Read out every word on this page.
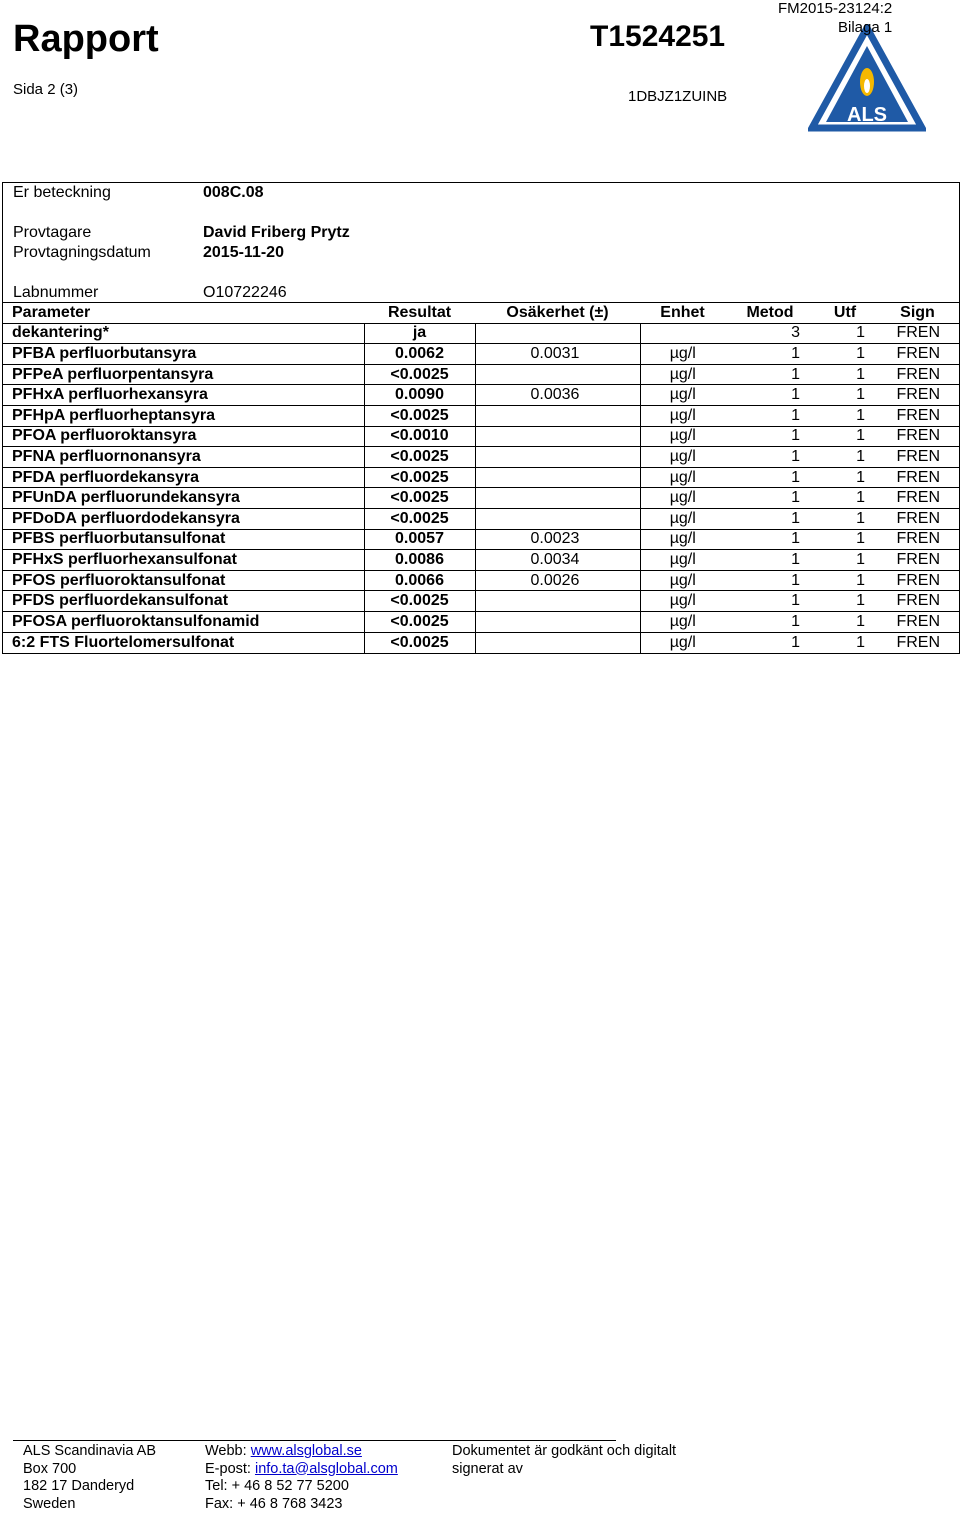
Rapport
Sida 2 (3)
T1524251
1DBJZ1ZUINB
FM2015-23124:2
ALS
Bilaga 1
Er beteckning	008C.08
Provtagare	David Friberg Prytz
Provtagningsdatum	2015-11-20
Labnummer	O10722246
Parameter	Resultat	Osäkerhet (±)	Enhet	Metod	Utf	Sign
dekantering*	ja			3	1	FREN
PFBA perfluorbutansyra	0.0062	0.0031	µg/l	1	1	FREN
PFPeA perfluorpentansyra	<0.0025		µg/l	1	1	FREN
PFHxA perfluorhexansyra	0.0090	0.0036	µg/l	1	1	FREN
PFHpA perfluorheptansyra	<0.0025		µg/l	1	1	FREN
PFOA perfluoroktansyra	<0.0010		µg/l	1	1	FREN
PFNA perfluornonansyra	<0.0025		µg/l	1	1	FREN
PFDA perfluordekansyra	<0.0025		µg/l	1	1	FREN
PFUnDA perfluorundekansyra	<0.0025		µg/l	1	1	FREN
PFDoDA perfluordodekansyra	<0.0025		µg/l	1	1	FREN
PFBS perfluorbutansulfonat	0.0057	0.0023	µg/l	1	1	FREN
PFHxS perfluorhexansulfonat	0.0086	0.0034	µg/l	1	1	FREN
PFOS perfluoroktansulfonat	0.0066	0.0026	µg/l	1	1	FREN
PFDS perfluordekansulfonat	<0.0025		µg/l	1	1	FREN
PFOSA perfluoroktansulfonamid	<0.0025		µg/l	1	1	FREN
6:2 FTS Fluortelomersulfonat	<0.0025		µg/l	1	1	FREN
ALS Scandinavia AB
Box 700
182 17 Danderyd
Sweden
Webb: www.alsglobal.se
E-post: info.ta@alsglobal.com
Tel: + 46 8 52 77 5200
Fax: + 46 8 768 3423
Dokumentet är godkänt och digitalt
signerat av
